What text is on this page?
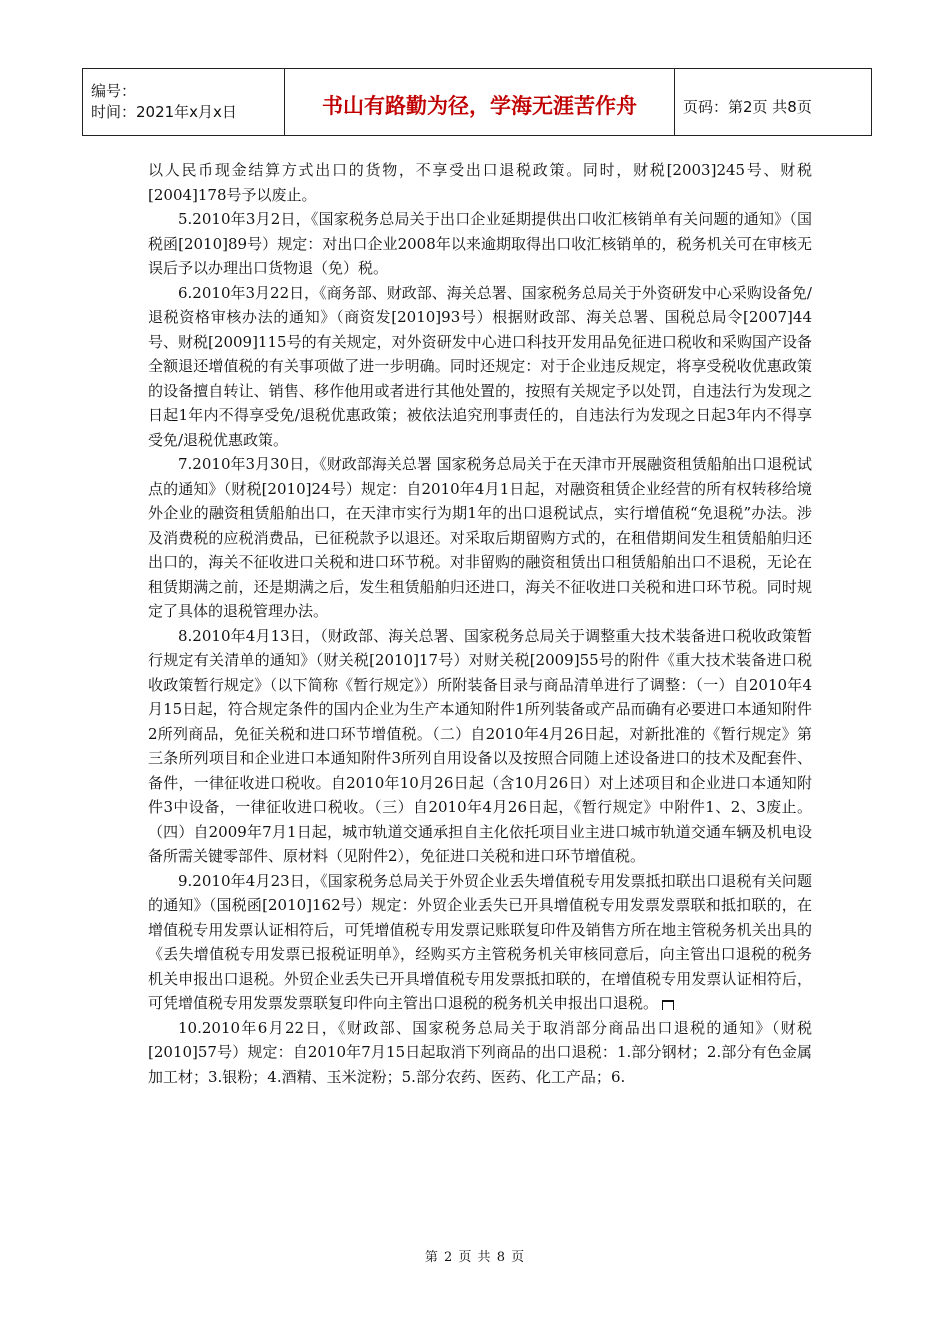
编号：
时间：2021年x月x日	书山有路勤为径，学海无涯苦作舟	页码：第2页 共8页

以人民币现金结算方式出口的货物，不享受出口退税政策。同时，财税[2003]245号、财税[2004]178号予以废止。

5.2010年3月2日，《国家税务总局关于出口企业延期提供出口收汇核销单有关问题的通知》（国税函[2010]89号）规定：对出口企业2008年以来逾期取得出口收汇核销单的，税务机关可在审核无误后予以办理出口货物退（免）税。

6.2010年3月22日，《商务部、财政部、海关总署、国家税务总局关于外资研发中心采购设备免/退税资格审核办法的通知》（商资发[2010]93号）根据财政部、海关总署、国税总局令[2007]44号、财税[2009]115号的有关规定，对外资研发中心进口科技开发用品免征进口税收和采购国产设备全额退还增值税的有关事项做了进一步明确。同时还规定：对于企业违反规定，将享受税收优惠政策的设备擅自转让、销售、移作他用或者进行其他处置的，按照有关规定予以处罚，自违法行为发现之日起1年内不得享受免/退税优惠政策；被依法追究刑事责任的，自违法行为发现之日起3年内不得享受免/退税优惠政策。

7.2010年3月30日，《财政部海关总署 国家税务总局关于在天津市开展融资租赁船舶出口退税试点的通知》（财税[2010]24号）规定：自2010年4月1日起，对融资租赁企业经营的所有权转移给境外企业的融资租赁船舶出口，在天津市实行为期1年的出口退税试点，实行增值税“免退税”办法。涉及消费税的应税消费品，已征税款予以退还。对采取后期留购方式的，在租借期间发生租赁船舶归还出口的，海关不征收进口关税和进口环节税。对非留购的融资租赁出口租赁船舶出口不退税，无论在租赁期满之前，还是期满之后，发生租赁船舶归还进口，海关不征收进口关税和进口环节税。同时规定了具体的退税管理办法。

8.2010年4月13日，（财政部、海关总署、国家税务总局关于调整重大技术装备进口税收政策暂行规定有关清单的通知》（财关税[2010]17号）对财关税[2009]55号的附件《重大技术装备进口税收政策暂行规定》（以下简称《暂行规定》）所附装备目录与商品清单进行了调整：（一）自2010年4月15日起，符合规定条件的国内企业为生产本通知附件1所列装备或产品而确有必要进口本通知附件2所列商品，免征关税和进口环节增值税。（二）自2010年4月26日起，对新批准的《暂行规定》第三条所列项目和企业进口本通知附件3所列自用设备以及按照合同随上述设备进口的技术及配套件、备件，一律征收进口税收。自2010年10月26日起（含10月26日）对上述项目和企业进口本通知附件3中设备，一律征收进口税收。（三）自2010年4月26日起，《暂行规定》中附件1、2、3废止。（四）自2009年7月1日起，城市轨道交通承担自主化依托项目业主进口城市轨道交通车辆及机电设备所需关键零部件、原材料（见附件2），免征进口关税和进口环节增值税。

9.2010年4月23日，《国家税务总局关于外贸企业丢失增值税专用发票抵扣联出口退税有关问题的通知》（国税函[2010]162号）规定：外贸企业丢失已开具增值税专用发票发票联和抵扣联的，在增值税专用发票认证相符后，可凭增值税专用发票记账联复印件及销售方所在地主管税务机关出具的《丢失增值税专用发票已报税证明单》，经购买方主管税务机关审核同意后，向主管出口退税的税务机关申报出口退税。外贸企业丢失已开具增值税专用发票抵扣联的，在增值税专用发票认证相符后，可凭增值税专用发票发票联复印件向主管出口退税的税务机关申报出口退税。

10.2010年6月22日，《财政部、国家税务总局关于取消部分商品出口退税的通知》（财税[2010]57号）规定：自2010年7月15日起取消下列商品的出口退税：1.部分钢材；2.部分有色金属加工材；3.银粉；4.酒精、玉米淀粉；5.部分农药、医药、化工产品；6.

第 2 页 共 8 页
